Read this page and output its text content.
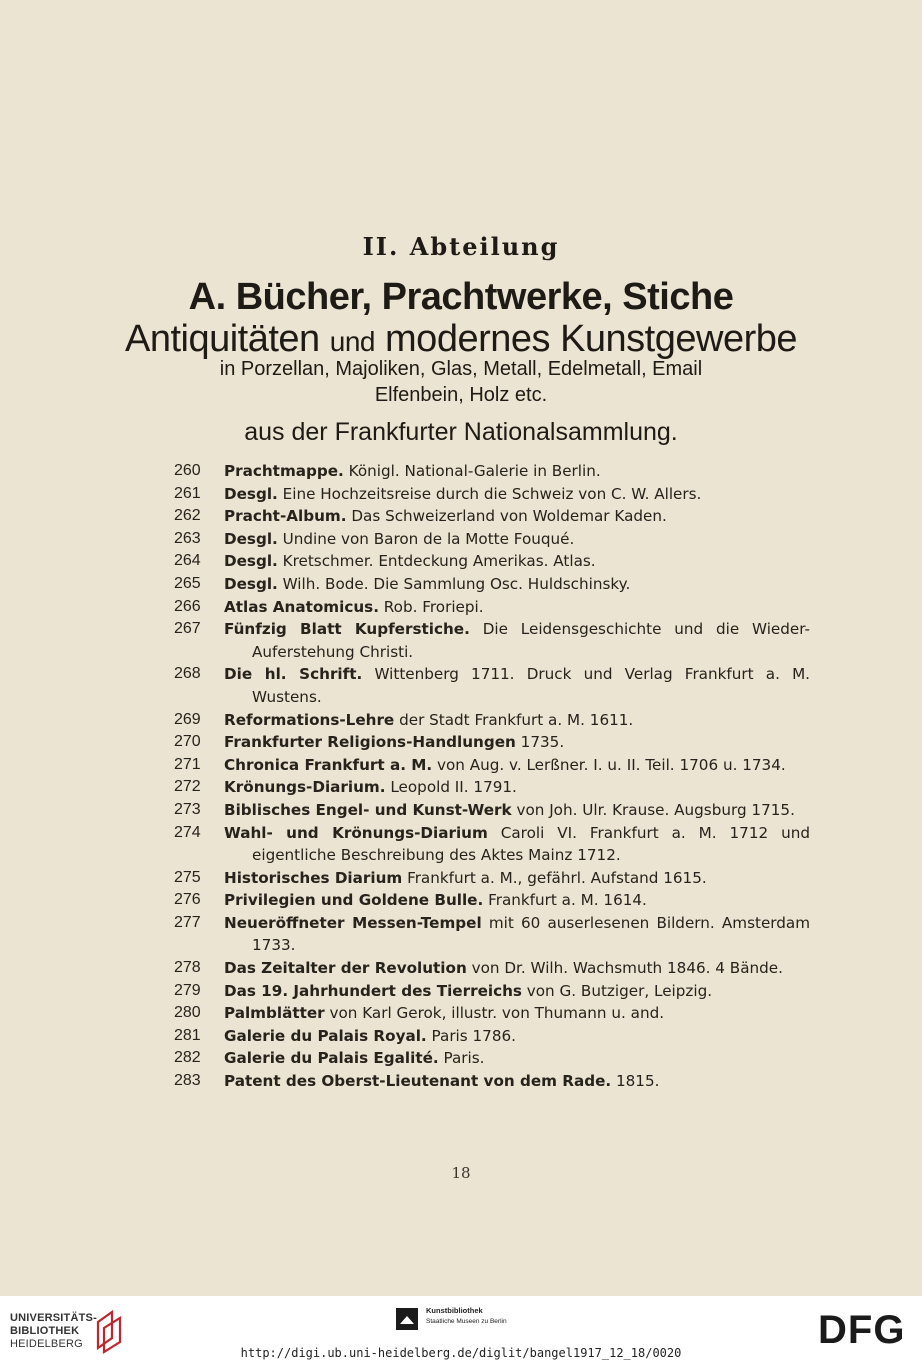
II. Abteilung
A. Bücher, Prachtwerke, Stiche
Antiquitäten und modernes Kunstgewerbe
in Porzellan, Majoliken, Glas, Metall, Edelmetall, Email
Elfenbein, Holz etc.
aus der Frankfurter Nationalsammlung.
260	Prachtmappe. Königl. National-Galerie in Berlin.
261	Desgl. Eine Hochzeitsreise durch die Schweiz von C. W. Allers.
262	Pracht-Album. Das Schweizerland von Woldemar Kaden.
263	Desgl. Undine von Baron de la Motte Fouqué.
264	Desgl. Kretschmer. Entdeckung Amerikas. Atlas.
265	Desgl. Wilh. Bode. Die Sammlung Osc. Huldschinsky.
266	Atlas Anatomicus. Rob. Froriepi.
267	Fünfzig Blatt Kupferstiche. Die Leidensgeschichte und die Wieder-Auferstehung Christi.
268	Die hl. Schrift. Wittenberg 1711. Druck und Verlag Frankfurt a. M. Wustens.
269	Reformations-Lehre der Stadt Frankfurt a. M. 1611.
270	Frankfurter Religions-Handlungen 1735.
271	Chronica Frankfurt a. M. von Aug. v. Lerßner. I. u. II. Teil. 1706 u. 1734.
272	Krönungs-Diarium. Leopold II. 1791.
273	Biblisches Engel- und Kunst-Werk von Joh. Ulr. Krause. Augsburg 1715.
274	Wahl- und Krönungs-Diarium Caroli VI. Frankfurt a. M. 1712 und eigentliche Beschreibung des Aktes Mainz 1712.
275	Historisches Diarium Frankfurt a. M., gefährl. Aufstand 1615.
276	Privilegien und Goldene Bulle. Frankfurt a. M. 1614.
277	Neueröffneter Messen-Tempel mit 60 auserlesenen Bildern. Amsterdam 1733.
278	Das Zeitalter der Revolution von Dr. Wilh. Wachsmuth 1846. 4 Bände.
279	Das 19. Jahrhundert des Tierreichs von G. Butziger, Leipzig.
280	Palmblätter von Karl Gerok, illustr. von Thumann u. and.
281	Galerie du Palais Royal. Paris 1786.
282	Galerie du Palais Egalité. Paris.
283	Patent des Oberst-Lieutenant von dem Rade. 1815.
18
UNIVERSITÄTS-
BIBLIOTHEK
HEIDELBERG
Kunstbibliothek
Staatliche Museen zu Berlin	DFG
http://digi.ub.uni-heidelberg.de/diglit/bangel1917_12_18/0020
